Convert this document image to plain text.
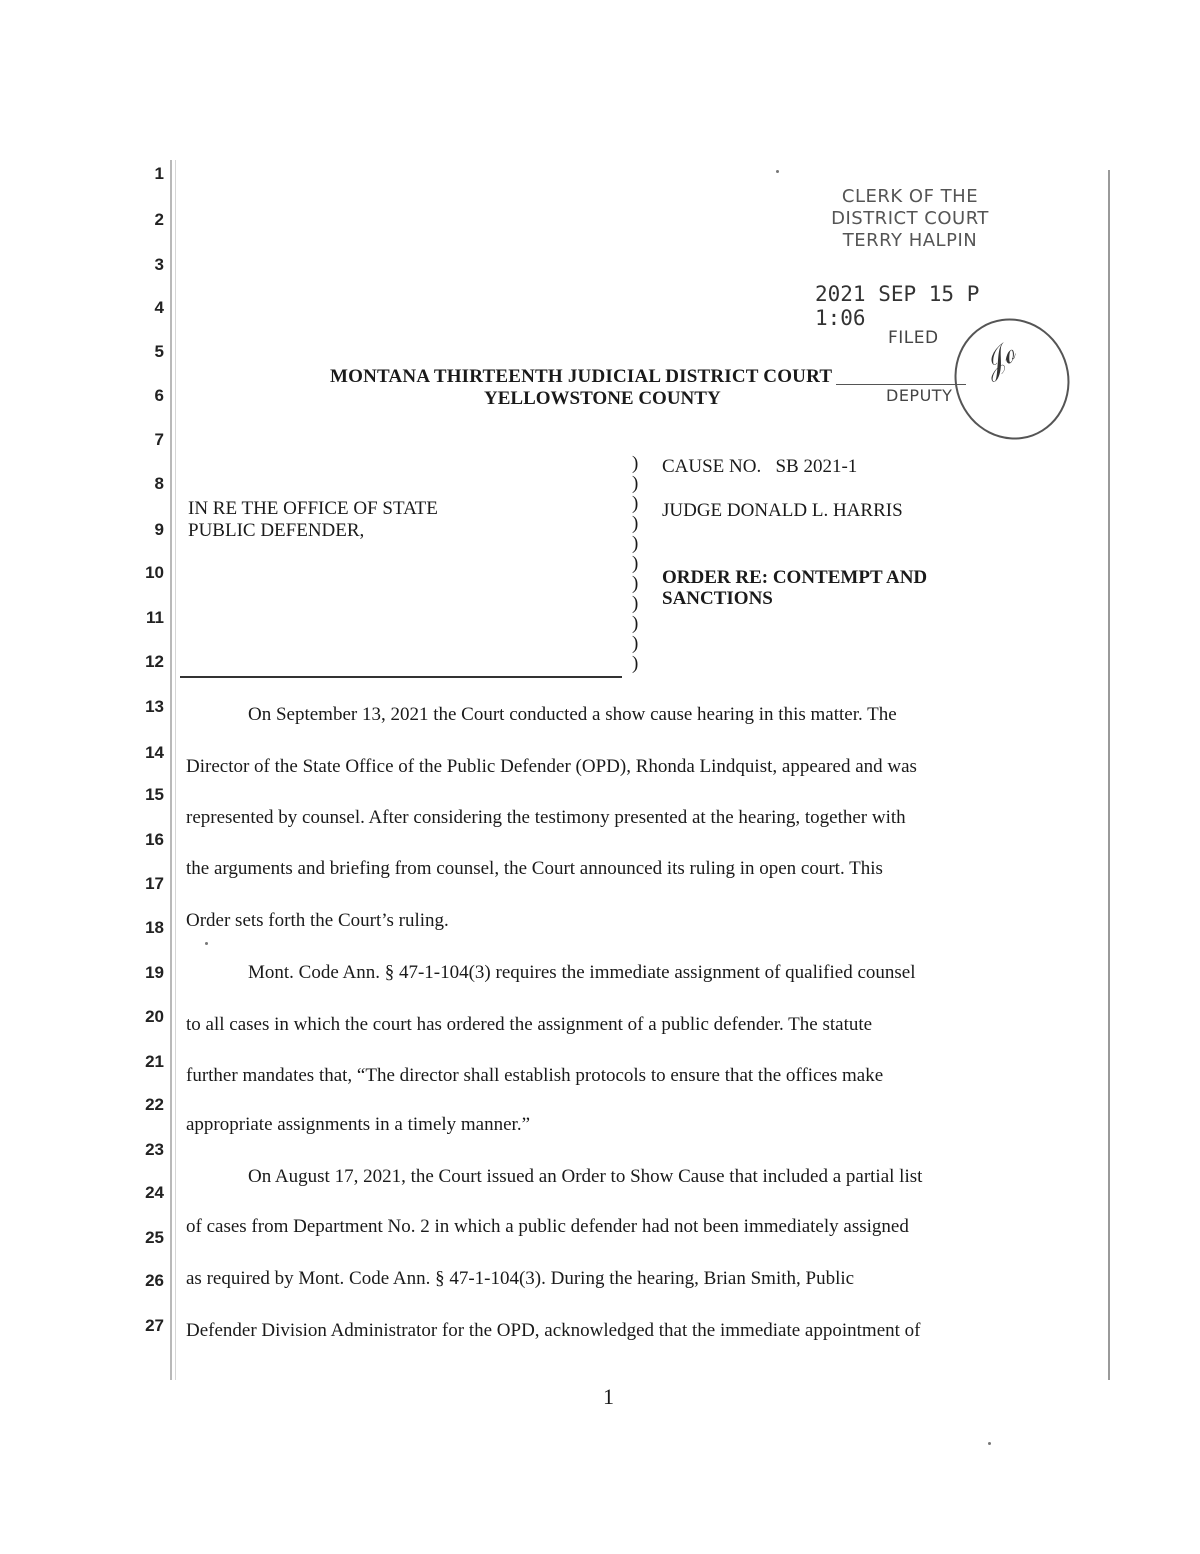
1
2
3
4
5
6
7
8
9
10
11
12
13
14
15
16
17
18
19
20
21
22
23
24
25
26
27
CLERK OF THE
DISTRICT COURT
TERRY HALPIN
2021 SEP 15 P 1:06
FILED
DEPUTY
𝒥ℴ
MONTANA THIRTEENTH JUDICIAL DISTRICT COURT
YELLOWSTONE COUNTY
IN RE THE OFFICE OF STATE
PUBLIC DEFENDER,
)
)
)
)
)
)
)
)
)
)
)
CAUSE NO.   SB 2021-1
JUDGE DONALD L. HARRIS
ORDER RE: CONTEMPT AND
SANCTIONS
On September 13, 2021 the Court conducted a show cause hearing in this matter. The
Director of the State Office of the Public Defender (OPD), Rhonda Lindquist, appeared and was
represented by counsel. After considering the testimony presented at the hearing, together with
the arguments and briefing from counsel, the Court announced its ruling in open court. This
Order sets forth the Court’s ruling.
Mont. Code Ann. § 47-1-104(3) requires the immediate assignment of qualified counsel
to all cases in which the court has ordered the assignment of a public defender. The statute
further mandates that, “The director shall establish protocols to ensure that the offices make
appropriate assignments in a timely manner.”
On August 17, 2021, the Court issued an Order to Show Cause that included a partial list
of cases from Department No. 2 in which a public defender had not been immediately assigned
as required by Mont. Code Ann. § 47-1-104(3). During the hearing, Brian Smith, Public
Defender Division Administrator for the OPD, acknowledged that the immediate appointment of
1
